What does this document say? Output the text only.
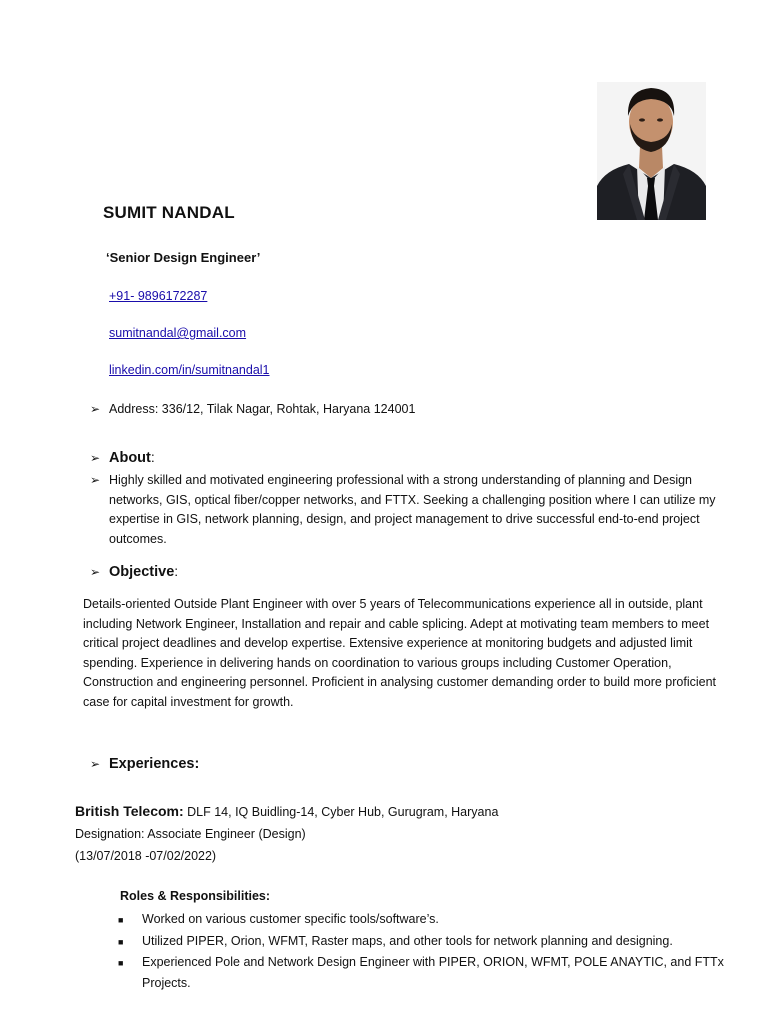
SUMIT NANDAL
‘Senior Design Engineer’
+91- 9896172287
sumitnandal@gmail.com
linkedin.com/in/sumitnandal1
➢ Address: 336/12, Tilak Nagar, Rohtak, Haryana 124001
➢ About :
➢ Highly skilled and motivated engineering professional with a strong understanding of planning and Design networks, GIS, optical fiber/copper networks, and FTTX. Seeking a challenging position where I can utilize my expertise in GIS, network planning, design, and project management to drive successful end-to-end project outcomes.
➢ Objective :
Details-oriented Outside Plant Engineer with over 5 years of Telecommunications experience all in outside, plant including Network Engineer, Installation and repair and cable splicing. Adept at motivating team members to meet critical project deadlines and develop expertise. Extensive experience at monitoring budgets and adjusted limit spending. Experience in delivering hands on coordination to various groups including Customer Operation, Construction and engineering personnel. Proficient in analysing customer demanding order to build more proficient case for capital investment for growth.
➢ Experiences:
British Telecom: DLF 14, IQ Buidling-14, Cyber Hub, Gurugram, Haryana
Designation: Associate Engineer (Design)
(13/07/2018 -07/02/2022)
Roles & Responsibilities:
■	Worked on various customer specific tools/software’s.
■	Utilized PIPER, Orion, WFMT, Raster maps, and other tools for network planning and designing.
■	Experienced Pole and Network Design Engineer with PIPER, ORION, WFMT, POLE ANAYTIC, and FTTx Projects.
